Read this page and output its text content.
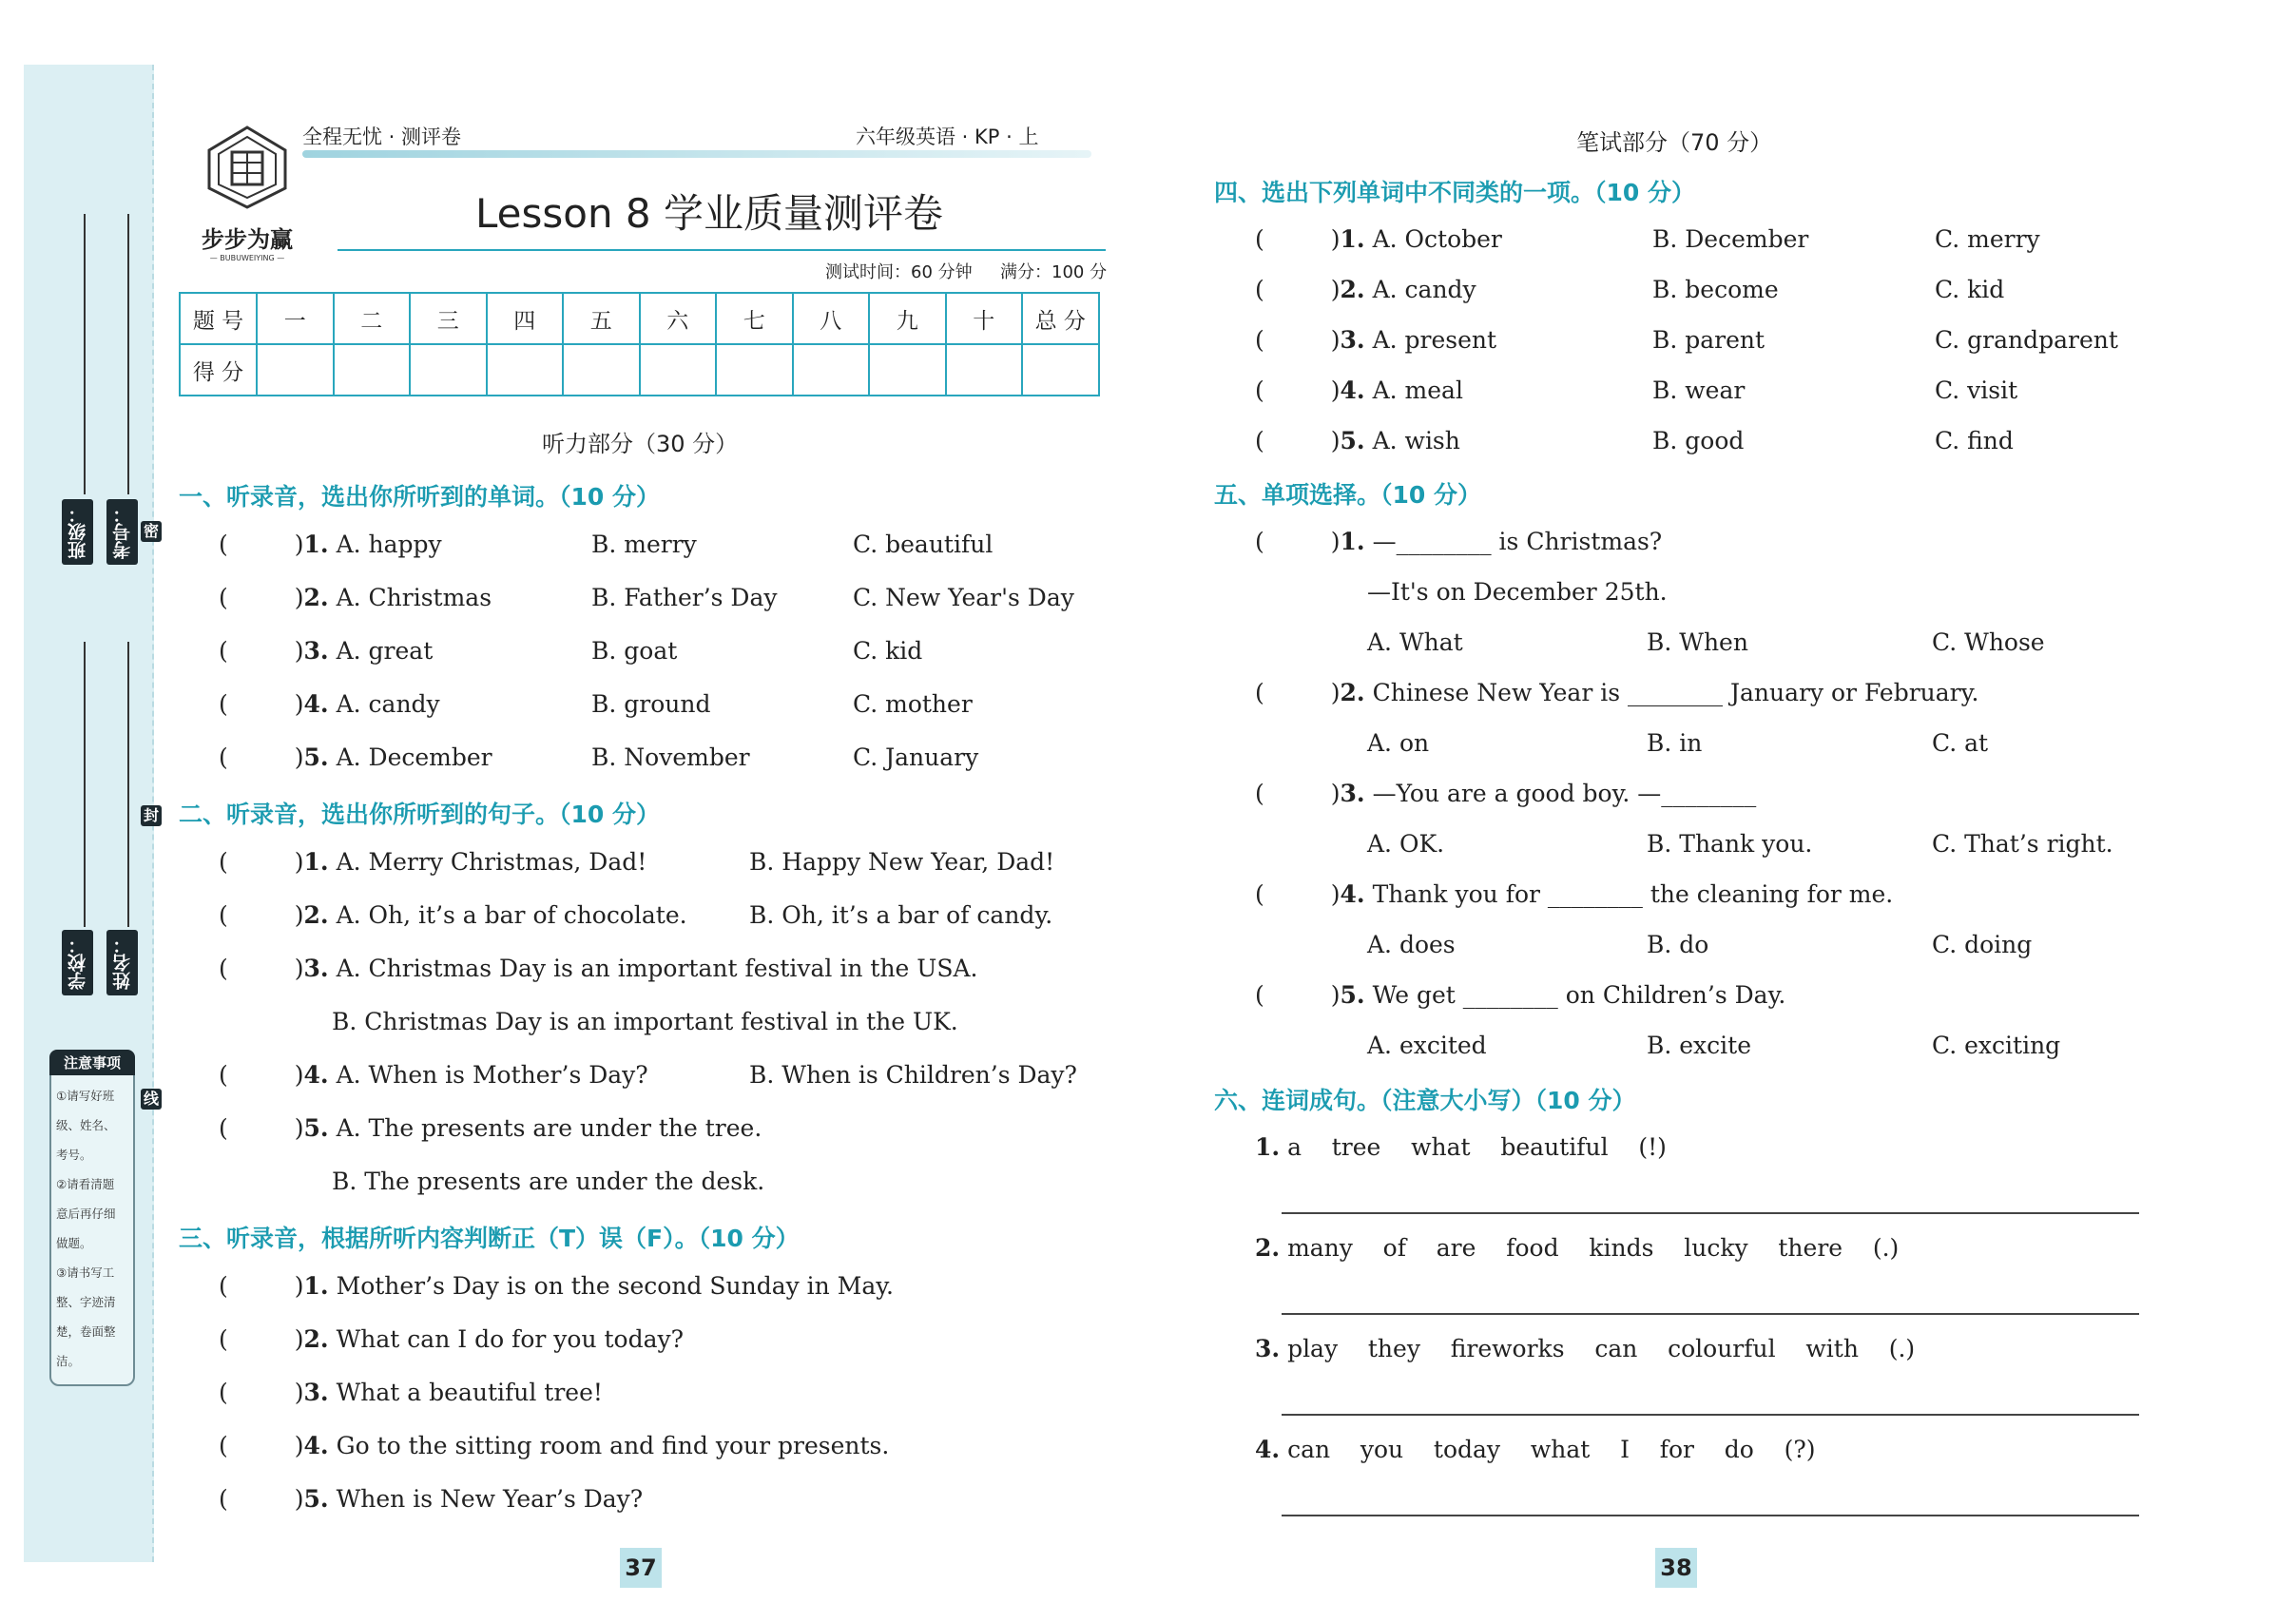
班级：	考号： 密
学校：	姓名：
封
线
注意事项
①请写好班
级、姓名、
考号。
②请看清题
意后再仔细
做题。
③请书写工
整、字迹清
楚，卷面整
洁。
步步为赢
— BUBUWEIYING —
全程无忧 · 测评卷	六年级英语 · KP · 上
Lesson 8 学业质量测评卷
测试时间：60 分钟 满分：100 分
题 号	一	二	三	四	五	六	七	八	九	十	总 分
得 分											
听力部分（30 分）
一、听录音，选出你所听到的单词。（10 分）
(	)1. A. happy	B. merry	C. beautiful
(	)2. A. Christmas	B. Father’s Day	C. New Year's Day
(	)3. A. great	B. goat	C. kid
(	)4. A. candy	B. ground	C. mother
(	)5. A. December	B. November	C. January
二、听录音，选出你所听到的句子。（10 分）
(	)1. A. Merry Christmas, Dad!	B. Happy New Year, Dad!
(	)2. A. Oh, it’s a bar of chocolate.	B. Oh, it’s a bar of candy.
(	)3. A. Christmas Day is an important festival in the USA.
B. Christmas Day is an important festival in the UK.
(	)4. A. When is Mother’s Day?	B. When is Children’s Day?
(	)5. A. The presents are under the tree.
B. The presents are under the desk.
三、听录音，根据所听内容判断正（T）误（F）。（10 分）
(	)1. Mother’s Day is on the second Sunday in May.
(	)2. What can I do for you today?
(	)3. What a beautiful tree!
(	)4. Go to the sitting room and find your presents.
(	)5. When is New Year’s Day?
37
笔试部分（70 分）
四、选出下列单词中不同类的一项。（10 分）
(	)1. A. October	B. December	C. merry
(	)2. A. candy	B. become	C. kid
(	)3. A. present	B. parent	C. grandparent
(	)4. A. meal	B. wear	C. visit
(	)5. A. wish	B. good	C. find
五、单项选择。（10 分）
(	)1. —________ is Christmas?
—It's on December 25th.
A. What	B. When	C. Whose
(	)2. Chinese New Year is ________ January or February.
A. on	B. in	C. at
(	)3. —You are a good boy. —________
A. OK.	B. Thank you.	C. That’s right.
(	)4. Thank you for ________ the cleaning for me.
A. does	B. do	C. doing
(	)5. We get ________ on Children’s Day.
A. excited	B. excite	C. exciting
六、连词成句。（注意大小写）（10 分）
1. a    tree    what    beautiful    (!)
2. many    of    are    food    kinds    lucky    there    (.)
3. play    they    fireworks    can    colourful    with    (.)
4. can    you    today    what    I    for    do    (?)
38
